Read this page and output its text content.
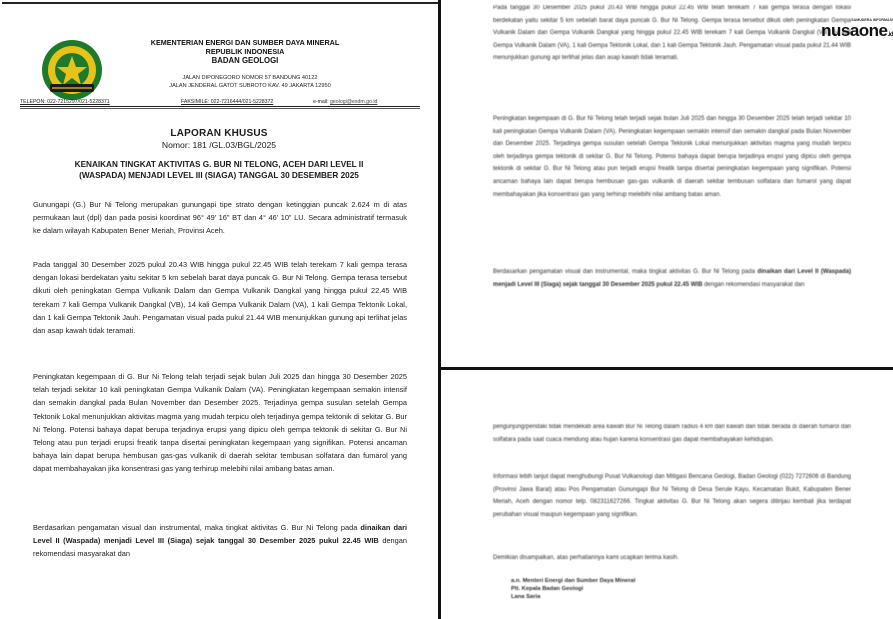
KEMENTERIAN ENERGI DAN SUMBER DAYA MINERAL
REPUBLIK INDONESIA
BADAN GEOLOGI
JALAN DIPONEGORO NOMOR 57 BANDUNG 40122
JALAN JENDERAL GATOT SUBROTO KAV. 49 JAKARTA 12950
TELEPON: 022-7215297/021-5228371	FAKSIMILE: 022-7216444/021-5228372	e-mail: geologi@esdm.go.id
LAPORAN KHUSUS
Nomor: 181 /GL.03/BGL/2025
KENAIKAN TINGKAT AKTIVITAS G. BUR NI TELONG, ACEH DARI LEVEL II
(WASPADA) MENJADI LEVEL III (SIAGA) TANGGAL 30 DESEMBER 2025
Gunungapi (G.) Bur Ni Telong merupakan gunungapi tipe strato dengan ketinggian puncak 2.624 m di atas permukaan laut (dpl) dan pada posisi koordinat 96° 49' 16" BT dan 4° 46' 10" LU. Secara administratif termasuk ke dalam wilayah Kabupaten Bener Meriah, Provinsi Aceh.
Pada tanggal 30 Desember 2025 pukul 20.43 WIB hingga pukul 22.45 WIB telah terekam 7 kali gempa terasa dengan lokasi berdekatan yaitu sekitar 5 km sebelah barat daya puncak G. Bur Ni Telong. Gempa terasa tersebut dikuti oleh peningkatan Gempa Vulkanik Dalam dan Gempa Vulkanik Dangkal yang hingga pukul 22.45 WIB terekam 7 kali Gempa Vulkanik Dangkal (VB), 14 kali Gempa Vulkanik Dalam (VA), 1 kali Gempa Tektonik Lokal, dan 1 kali Gempa Tektonik Jauh. Pengamatan visual pada pukul 21.44 WIB menunjukkan gunung api terlihat jelas dan asap kawah tidak teramati.
Peningkatan kegempaan di G. Bur Ni Telong telah terjadi sejak bulan Juli 2025 dan hingga 30 Desember 2025 telah terjadi sekitar 10 kali peningkatan Gempa Vulkanik Dalam (VA). Peningkatan kegempaan semakin intensif dan semakin dangkal pada Bulan November dan Desember 2025. Terjadinya gempa susulan setelah Gempa Tektonik Lokal menunjukkan aktivitas magma yang mudah terpicu oleh terjadinya gempa tektonik di sekitar G. Bur Ni Telong. Potensi bahaya dapat berupa terjadinya erupsi yang dipicu oleh gempa tektonik di sekitar G. Bur Ni Telong atau pun terjadi erupsi freatik tanpa disertai peningkatan kegempaan yang signifikan. Potensi ancaman bahaya lain dapat berupa hembusan gas-gas vulkanik di daerah sekitar tembusan solfatara dan fumarol yang dapat membahayakan jika konsentrasi gas yang terhirup melebihi nilai ambang batas aman.
Berdasarkan pengamatan visual dan instrumental, maka tingkat aktivitas G. Bur Ni Telong pada dinaikan dari Level II (Waspada) menjadi Level III (Siaga) sejak tanggal 30 Desember 2025 pukul 22.45 WIB dengan rekomendasi masyarakat dan
Pada tanggal 30 Desember 2025 pukul 20.43 WIB hingga pukul 22.45 WIB telah terekam 7 kali gempa terasa dengan lokasi berdekatan yaitu sekitar 5 km sebelah barat daya puncak G. Bur Ni Telong. Gempa terasa tersebut dikuti oleh peningkatan Gempa Vulkanik Dalam dan Gempa Vulkanik Dangkal yang hingga pukul 22.45 WIB terekam 7 kali Gempa Vulkanik Dangkal (VB), 14 kali Gempa Vulkanik Dalam (VA), 1 kali Gempa Tektonik Lokal, dan 1 kali Gempa Tektonik Jauh. Pengamatan visual pada pukul 21.44 WIB menunjukkan gunung api terlihat jelas dan asap kawah tidak teramati.
Peningkatan kegempaan di G. Bur Ni Telong telah terjadi sejak bulan Juli 2025 dan hingga 30 Desember 2025 telah terjadi sekitar 10 kali peningkatan Gempa Vulkanik Dalam (VA). Peningkatan kegempaan semakin intensif dan semakin dangkal pada Bulan November dan Desember 2025. Terjadinya gempa susulan setelah Gempa Tektonik Lokal menunjukkan aktivitas magma yang mudah terpicu oleh terjadinya gempa tektonik di sekitar G. Bur Ni Telong. Potensi bahaya dapat berupa terjadinya erupsi yang dipicu oleh gempa tektonik di sekitar G. Bur Ni Telong atau pun terjadi erupsi freatik tanpa disertai peningkatan kegempaan yang signifikan. Potensi ancaman bahaya lain dapat berupa hembusan gas-gas vulkanik di daerah sekitar tembusan solfatara dan fumarol yang dapat membahayakan jika konsentrasi gas yang terhirup melebihi nilai ambang batas aman.
Berdasarkan pengamatan visual dan instrumental, maka tingkat aktivitas G. Bur Ni Telong pada dinaikan dari Level II (Waspada) menjadi Level III (Siaga) sejak tanggal 30 Desember 2025 pukul 22.45 WIB dengan rekomendasi masyarakat dan
pengunjung/pendaki tidak mendekati area kawah Bur Ni Telong dalam radius 4 km dari kawah dan tidak berada di daerah fumarol dan solfatara pada saat cuaca mendung atau hujan karena konsentrasi gas dapat membahayakan kehidupan.
Informasi lebih lanjut dapat menghubungi Pusat Vulkanologi dan Mitigasi Bencana Geologi, Badan Geologi (022) 7272606 di Bandung (Provinsi Jawa Barat) atau Pos Pengamatan Gunungapi Bur Ni Telong di Desa Serule Kayu, Kecamatan Bukit, Kabupaten Bener Meriah, Aceh dengan nomor telp. 082311627266. Tingkat aktivitas G. Bur Ni Telong akan segera ditinjau kembali jika terdapat perubahan visual maupun kegempaan yang signifikan.
Demikian disampaikan, atas perhatiannya kami ucapkan terima kasih.
a.n. Menteri Energi dan Sumber Daya Mineral
Plt. Kepala Badan Geologi
Lana Saria
SAMUDERA INFORMASI
nusaone.id
